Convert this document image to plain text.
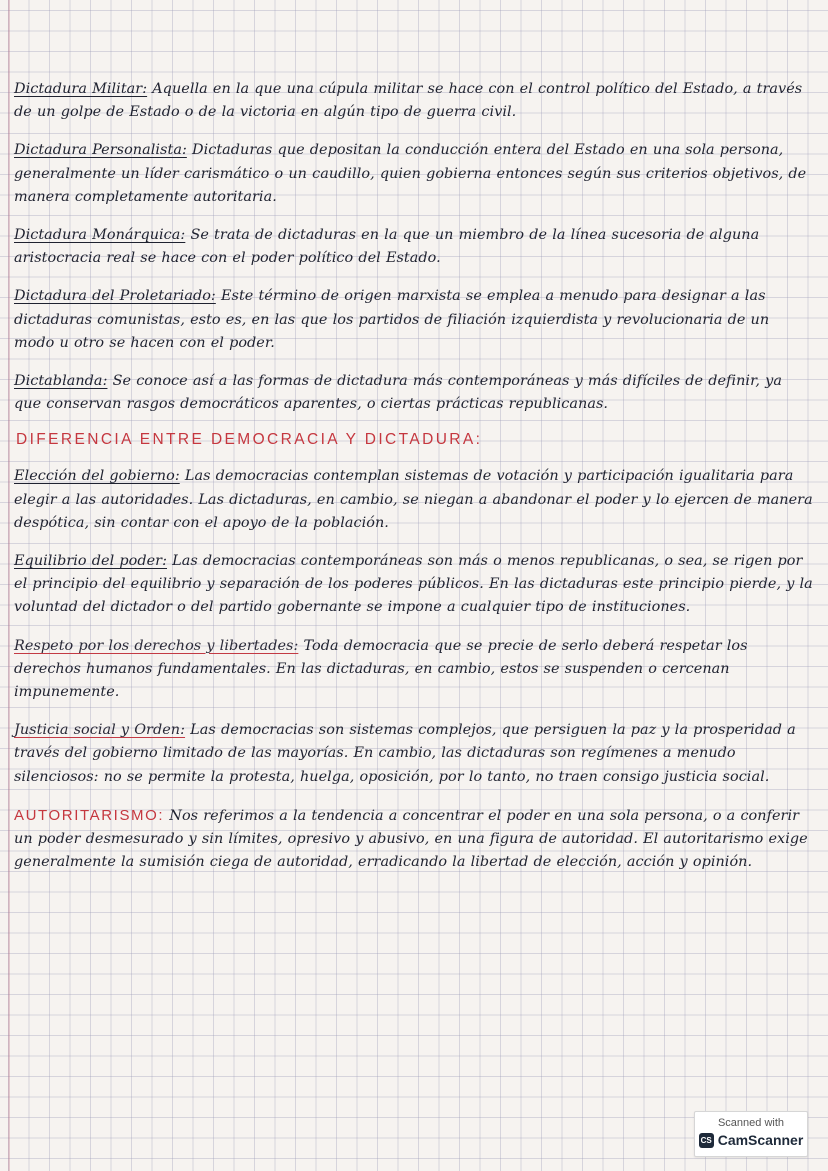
Dictadura Militar: Aquella en la que una cúpula militar se hace con el control político del Estado, a través de un golpe de Estado o de la victoria en algún tipo de guerra civil.

Dictadura Personalista: Dictaduras que depositan la conducción entera del Estado en una sola persona, generalmente un líder carismático o un caudillo, quien gobierna entonces según sus criterios objetivos, de manera completamente autoritaria.

Dictadura Monárquica: Se trata de dictaduras en la que un miembro de la línea sucesoria de alguna aristocracia real se hace con el poder político del Estado.

Dictadura del Proletariado: Este término de origen marxista se emplea a menudo para designar a las dictaduras comunistas, esto es, en las que los partidos de filiación izquierdista y revolucionaria de un modo u otro se hacen con el poder.

Dictablanda: Se conoce así a las formas de dictadura más contemporáneas y más difíciles de definir, ya que conservan rasgos democráticos aparentes, o ciertas prácticas republicanas.

DIFERENCIA ENTRE DEMOCRACIA Y DICTADURA:

Elección del gobierno: Las democracias contemplan sistemas de votación y participación igualitaria para elegir a las autoridades. Las dictaduras, en cambio, se niegan a abandonar el poder y lo ejercen de manera despótica, sin contar con el apoyo de la población.

Equilibrio del poder: Las democracias contemporáneas son más o menos republicanas, o sea, se rigen por el principio del equilibrio y separación de los poderes públicos. En las dictaduras este principio pierde, y la voluntad del dictador o del partido gobernante se impone a cualquier tipo de instituciones.

Respeto por los derechos y libertades: Toda democracia que se precie de serlo deberá respetar los derechos humanos fundamentales. En las dictaduras, en cambio, estos se suspenden o cercenan impunemente.

Justicia social y Orden: Las democracias son sistemas complejos, que persiguen la paz y la prosperidad a través del gobierno limitado de las mayorías. En cambio, las dictaduras son regímenes a menudo silenciosos: no se permite la protesta, huelga, oposición, por lo tanto, no traen consigo justicia social.

AUTORITARISMO: Nos referimos a la tendencia a concentrar el poder en una sola persona, o a conferir un poder desmesurado y sin límites, opresivo y abusivo, en una figura de autoridad. El autoritarismo exige generalmente la sumisión ciega de autoridad, erradicando la libertad de elección, acción y opinión.

Scanned with
CS CamScanner
